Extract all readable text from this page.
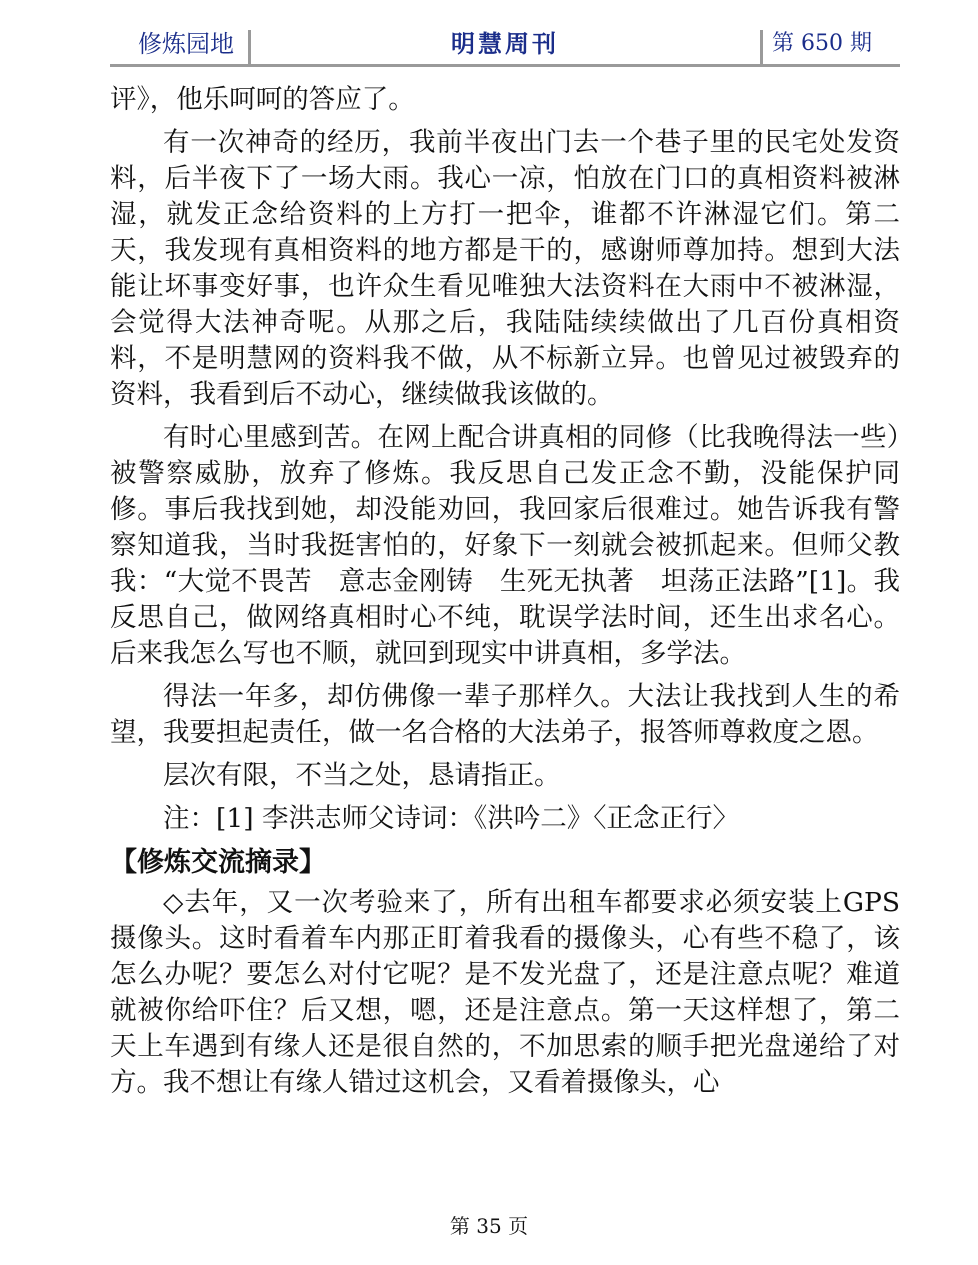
修炼园地	明慧周刊	第 650 期

评》，他乐呵呵的答应了。

有一次神奇的经历，我前半夜出门去一个巷子里的民宅处发资料，后半夜下了一场大雨。我心一凉，怕放在门口的真相资料被淋湿，就发正念给资料的上方打一把伞，谁都不许淋湿它们。第二天，我发现有真相资料的地方都是干的，感谢师尊加持。想到大法能让坏事变好事，也许众生看见唯独大法资料在大雨中不被淋湿，会觉得大法神奇呢。从那之后，我陆陆续续做出了几百份真相资料，不是明慧网的资料我不做，从不标新立异。也曾见过被毁弃的资料，我看到后不动心，继续做我该做的。

有时心里感到苦。在网上配合讲真相的同修（比我晚得法一些）被警察威胁，放弃了修炼。我反思自己发正念不勤，没能保护同修。事后我找到她，却没能劝回，我回家后很难过。她告诉我有警察知道我，当时我挺害怕的，好象下一刻就会被抓起来。但师父教我：“大觉不畏苦　意志金刚铸　生死无执著　坦荡正法路”[1]。我反思自己，做网络真相时心不纯，耽误学法时间，还生出求名心。后来我怎么写也不顺，就回到现实中讲真相，多学法。

得法一年多，却仿佛像一辈子那样久。大法让我找到人生的希望，我要担起责任，做一名合格的大法弟子，报答师尊救度之恩。

层次有限，不当之处，恳请指正。

注：[1] 李洪志师父诗词：《洪吟二》〈正念正行〉

【修炼交流摘录】

◇去年，又一次考验来了，所有出租车都要求必须安装上GPS摄像头。这时看着车内那正盯着我看的摄像头，心有些不稳了，该怎么办呢？要怎么对付它呢？是不发光盘了，还是注意点呢？难道就被你给吓住？后又想，嗯，还是注意点。第一天这样想了，第二天上车遇到有缘人还是很自然的，不加思索的顺手把光盘递给了对方。我不想让有缘人错过这机会，又看着摄像头，心

第 35 页
